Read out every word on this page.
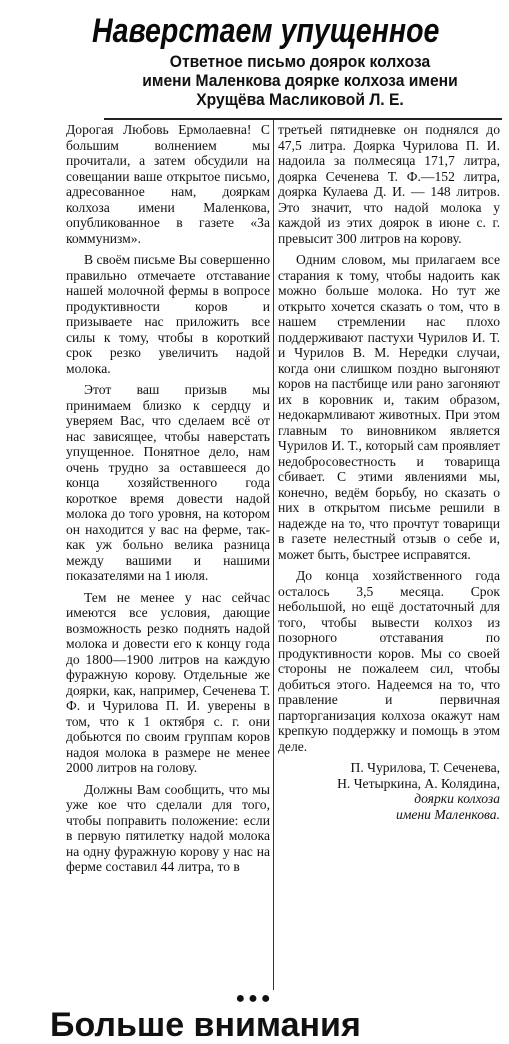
Наверстаем упущенное
Ответное письмо доярок колхоза
имени Маленкова доярке колхоза имени
Хрущёва Масликовой Л. Е.

Дорогая Любовь Ермолаевна! С большим волнением мы прочитали, а затем обсудили на совещании ваше открытое письмо, адресованное нам, дояркам колхоза имени Маленкова, опубликованное в газете «За коммунизм».

В своём письме Вы совершенно правильно отмечаете отставание нашей молочной фермы в вопросе продуктивности коров и призываете нас приложить все силы к тому, чтобы в короткий срок резко увеличить надой молока.

Этот ваш призыв мы принимаем близко к сердцу и уверяем Вас, что сделаем всё от нас зависящее, чтобы наверстать упущенное. Понятное дело, нам очень трудно за оставшееся до конца хозяйственного года короткое время довести надой молока до того уровня, на котором он находится у вас на ферме, так-как уж больно велика разница между вашими и нашими показателями на 1 июля.

Тем не менее у нас сейчас имеются все условия, дающие возможность резко поднять надой молока и довести его к концу года до 1800—1900 литров на каждую фуражную корову. Отдельные же доярки, как, например, Сеченева Т. Ф. и Чурилова П. И. уверены в том, что к 1 октября с. г. они добьются по своим группам коров надоя молока в размере не менее 2000 литров на голову.

Должны Вам сообщить, что мы уже кое что сделали для того, чтобы поправить положение: если в первую пятилетку надой молока на одну фуражную корову у нас на ферме составил 44 литра, то в

третьей пятидневке он поднялся до 47,5 литра. Доярка Чурилова П. И. надоила за полмесяца 171,7 литра, доярка Сеченева Т. Ф.—152 литра, доярка Кулаева Д. И. — 148 литров. Это значит, что надой молока у каждой из этих доярок в июне с. г. превысит 300 литров на корову.

Одним словом, мы прилагаем все старания к тому, чтобы надоить как можно больше молока. Но тут же открыто хочется сказать о том, что в нашем стремлении нас плохо поддерживают пастухи Чурилов И. Т. и Чурилов В. М. Нередки случаи, когда они слишком поздно выгоняют коров на пастбище или рано загоняют их в коровник и, таким образом, недокармливают животных. При этом главным то виновником является Чурилов И. Т., который сам проявляет недобросовестность и товарища сбивает. С этими явлениями мы, конечно, ведём борьбу, но сказать о них в открытом письме решили в надежде на то, что прочтут товарищи в газете нелестный отзыв о себе и, может быть, быстрее исправятся.

До конца хозяйственного года осталось 3,5 месяца. Срок небольшой, но ещё достаточный для того, чтобы вывести колхоз из позорного отставания по продуктивности коров. Мы со своей стороны не пожалеем сил, чтобы добиться этого. Надеемся на то, что правление и первичная партоpганизация колхоза окажут нам крепкую поддержку и помощь в этом деле.

П. Чурилова, Т. Сеченева,

Н. Четыркина, А. Колядина,

доярки колхоза

имени Маленкова.

●●●
Больше внимания
